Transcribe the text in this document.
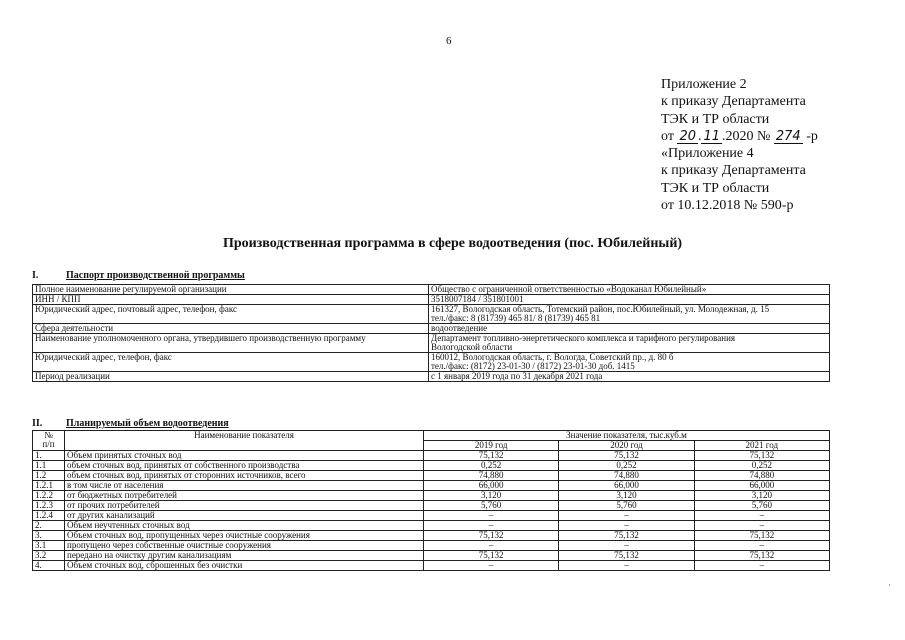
6
Приложение 2
к приказу Департамента
ТЭК и ТР области
от 20 . 11 .2020 № 274 -р
«Приложение 4
к приказу Департамента
ТЭК и ТР области
от 10.12.2018 № 590-р
Производственная программа в сфере водоотведения (пос. Юбилейный)
I.	Паспорт производственной программы
Полное наименование регулируемой организации	Общество с ограниченной ответственностью «Водоканал Юбилейный»
ИНН / КПП	3518007184 / 351801001
Юридический адрес, почтовый адрес, телефон, факс	161327, Вологодская область, Тотемский район, пос.Юбилейный, ул. Молодежная, д. 15
тел./факс: 8 (81739) 465 81/ 8 (81739) 465 81
Сфера деятельности	водоотведение
Наименование уполномоченного органа, утвердившего производственную программу	Департамент топливно-энергетического комплекса и тарифного регулирования
Вологодской области
Юридический адрес, телефон, факс	160012, Вологодская область, г. Вологда, Советский пр., д. 80 б
тел./факс: (8172) 23-01-30 / (8172) 23-01-30 доб. 1415
Период реализации	с 1 января 2019 года по 31 декабря 2021 года
II. Планируемый объем водоотведения
№
п/п	Наименование показателя	Значение показателя, тыс.куб.м		
		2019 год	2020 год	2021 год
1.	Объем принятых сточных вод	75,132	75,132	75,132
1.1	объем сточных вод, принятых от собственного производства	0,252	0,252	0,252
1.2	объем сточных вод, принятых от сторонних источников, всего	74,880	74,880	74,880
1.2.1	в том числе от населения	66,000	66,000	66,000
1.2.2	от бюджетных потребителей	3,120	3,120	3,120
1.2.3	от прочих потребителей	5,760	5,760	5,760
1.2.4	от других канализаций	–	–	–
2.	Объем неучтенных сточных вод	–	–	–
3.	Объем сточных вод, пропущенных через очистные сооружения	75,132	75,132	75,132
3.1	пропущено через собственные очистные сооружения	–	–	–
3.2	передано на очистку другим канализациям	75,132	75,132	75,132
4.	Объем сточных вод, сброшенных без очистки	–	–	–
·
